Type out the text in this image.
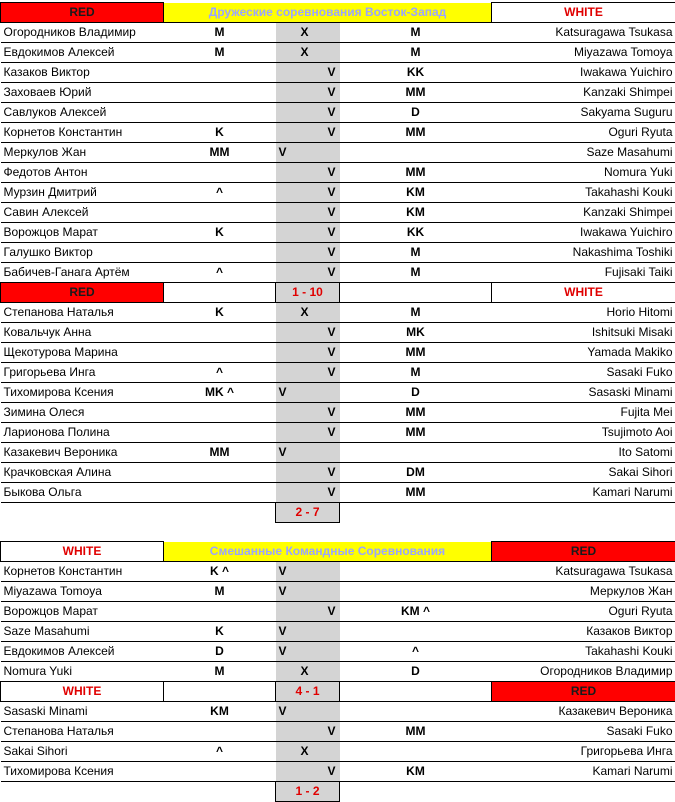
RED	Дружеские соревнования Восток-Запад			WHITE
Огородников Владимир	M	X	M	Katsuragawa Tsukasa
Евдокимов Алексей	M	X	M	Miyazawa Tomoya
Казаков Виктор		V	KK	Iwakawa Yuichiro
Заховаев Юрий		V	MM	Kanzaki Shimpei
Савлуков Алексей		V	D	Sakyama Suguru
Корнетов Константин	K	V	MM	Oguri Ryuta
Меркулов Жан	MM	V		Saze Masahumi
Федотов Антон		V	MM	Nomura Yuki
Мурзин Дмитрий	^	V	KM	Takahashi Kouki
Савин Алексей		V	KM	Kanzaki Shimpei
Ворожцов Марат	K	V	KK	Iwakawa Yuichiro
Галушко Виктор		V	M	Nakashima Toshiki
Бабичев-Ганага Артём	^	V	M	Fujisaki Taiki
RED		1 - 10		WHITE
Степанова Наталья	K	X	M	Horio Hitomi
Ковальчук Анна		V	MK	Ishitsuki Misaki
Щекотурова Марина		V	MM	Yamada Makiko
Григорьева Инга	^	V	M	Sasaki Fuko
Тихомирова Ксения	MK ^	V	D	Sasaski Minami
Зимина Олеся		V	MM	Fujita Mei
Ларионова Полина		V	MM	Tsujimoto Aoi
Казакевич Вероника	MM	V		Ito Satomi
Крачковская Алина		V	DM	Sakai Sihori
Быкова Ольга		V	MM	Kamari Narumi
		2 - 7		

WHITE	Смешанные Командные Соревнования			RED
Корнетов Константин	K ^	V		Katsuragawa Tsukasa
Miyazawa Tomoya	M	V		Меркулов Жан
Ворожцов Марат		V	KM ^	Oguri Ryuta
Saze Masahumi	K	V		Казаков Виктор
Евдокимов Алексей	D	V	^	Takahashi Kouki
Nomura Yuki	M	X	D	Огородников Владимир
WHITE		4 - 1		RED
Sasaski Minami	KM	V		Казакевич Вероника
Степанова Наталья		V	MM	Sasaki Fuko
Sakai Sihori	^	X		Григорьева Инга
Тихомирова Ксения		V	KM	Kamari Narumi
		1 - 2		
